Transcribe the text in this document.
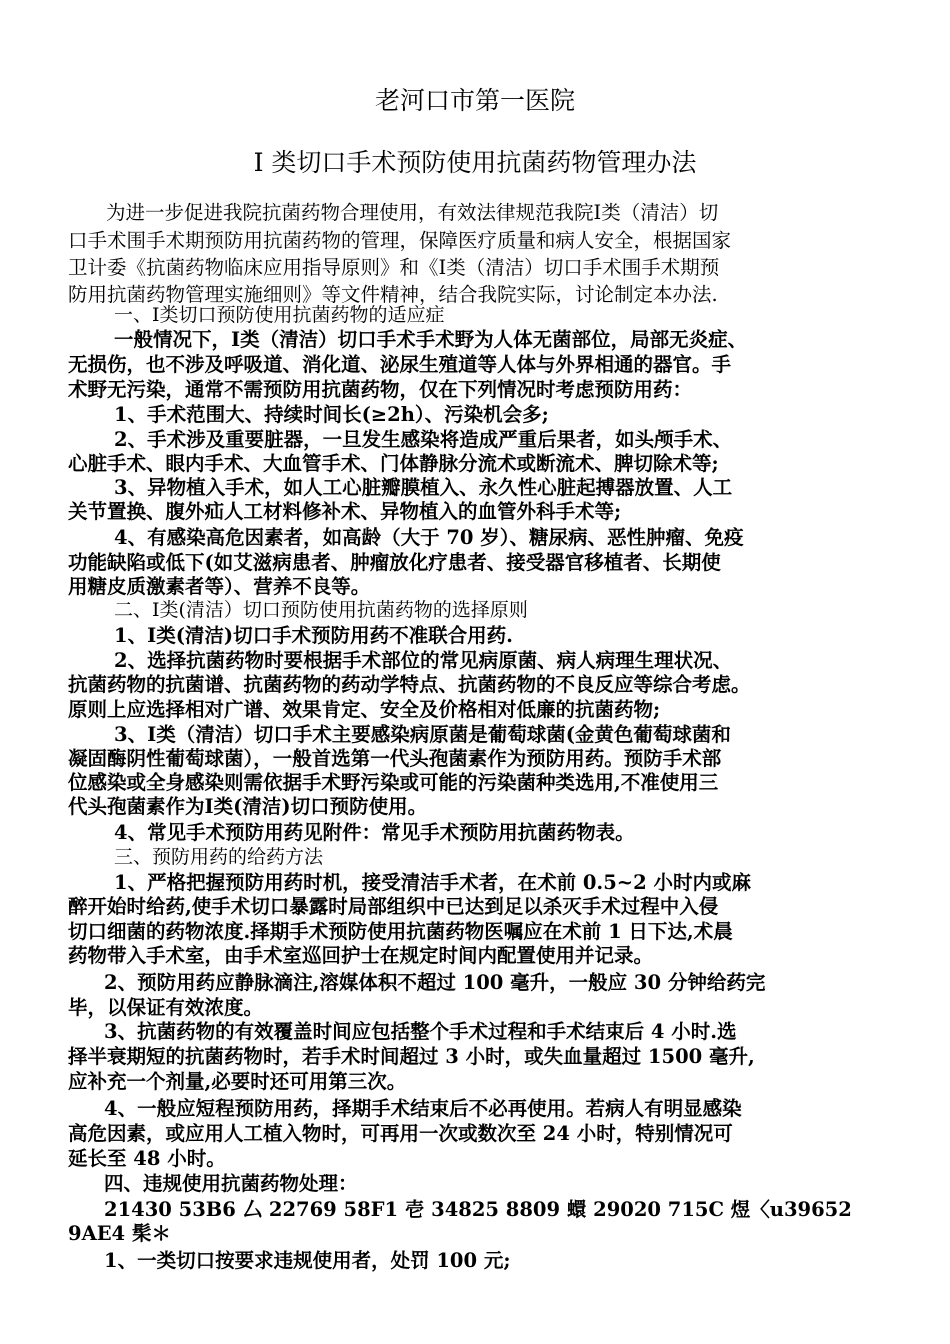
老河口市第一医院
Ⅰ 类切口手术预防使用抗菌药物管理办法
为进一步促进我院抗菌药物合理使用，有效法律规范我院Ⅰ类（清洁）切
口手术围手术期预防用抗菌药物的管理，保障医疗质量和病人安全，根据国家
卫计委《抗菌药物临床应用指导原则》和《Ⅰ类（清洁）切口手术围手术期预
防用抗菌药物管理实施细则》等文件精神，结合我院实际，讨论制定本办法.
一、Ⅰ类切口预防使用抗菌药物的适应症
一般情况下，Ⅰ类（清洁）切口手术手术野为人体无菌部位，局部无炎症、
无损伤，也不涉及呼吸道、消化道、泌尿生殖道等人体与外界相通的器官。手
术野无污染，通常不需预防用抗菌药物，仅在下列情况时考虑预防用药：
1、手术范围大、持续时间长(≥2h）、污染机会多;
2、手术涉及重要脏器，一旦发生感染将造成严重后果者，如头颅手术、
心脏手术、眼内手术、大血管手术、门体静脉分流术或断流术、脾切除术等;
3、异物植入手术，如人工心脏瓣膜植入、永久性心脏起搏器放置、人工
关节置换、腹外疝人工材料修补术、异物植入的血管外科手术等;
4、有感染高危因素者，如高龄（大于 70 岁）、糖尿病、恶性肿瘤、免疫
功能缺陷或低下(如艾滋病患者、肿瘤放化疗患者、接受器官移植者、长期使
用糖皮质激素者等）、营养不良等。
二、Ⅰ类(清洁）切口预防使用抗菌药物的选择原则
1、Ⅰ类(清洁)切口手术预防用药不准联合用药.
2、选择抗菌药物时要根据手术部位的常见病原菌、病人病理生理状况、
抗菌药物的抗菌谱、抗菌药物的药动学特点、抗菌药物的不良反应等综合考虑。
原则上应选择相对广谱、效果肯定、安全及价格相对低廉的抗菌药物;
3、Ⅰ类（清洁）切口手术主要感染病原菌是葡萄球菌(金黄色葡萄球菌和
凝固酶阴性葡萄球菌），一般首选第一代头孢菌素作为预防用药。预防手术部
位感染或全身感染则需依据手术野污染或可能的污染菌种类选用,不准使用三
代头孢菌素作为Ⅰ类(清洁)切口预防使用。
4、常见手术预防用药见附件：常见手术预防用抗菌药物表。
三、预防用药的给药方法
1、严格把握预防用药时机，接受清洁手术者，在术前 0.5~2 小时内或麻
醉开始时给药,使手术切口暴露时局部组织中已达到足以杀灭手术过程中入侵
切口细菌的药物浓度.择期手术预防使用抗菌药物医嘱应在术前 1 日下达,术晨
药物带入手术室，由手术室巡回护士在规定时间内配置使用并记录。
2、预防用药应静脉滴注,溶媒体积不超过 100 毫升，一般应 30 分钟给药完
毕，以保证有效浓度。
3、抗菌药物的有效覆盖时间应包括整个手术过程和手术结束后 4 小时.选
择半衰期短的抗菌药物时，若手术时间超过 3 小时，或失血量超过 1500 毫升,
应补充一个剂量,必要时还可用第三次。
4、一般应短程预防用药，择期手术结束后不必再使用。若病人有明显感染
高危因素，或应用人工植入物时，可再用一次或数次至 24 小时，特别情况可
延长至 48 小时。
四、违规使用抗菌药物处理：
21430 53B6 厶 22769 58F1 壱 34825 8809 蠉 29020 715C 煜〈u39652
9AE4 髤＊
1、一类切口按要求违规使用者，处罚 100 元;
